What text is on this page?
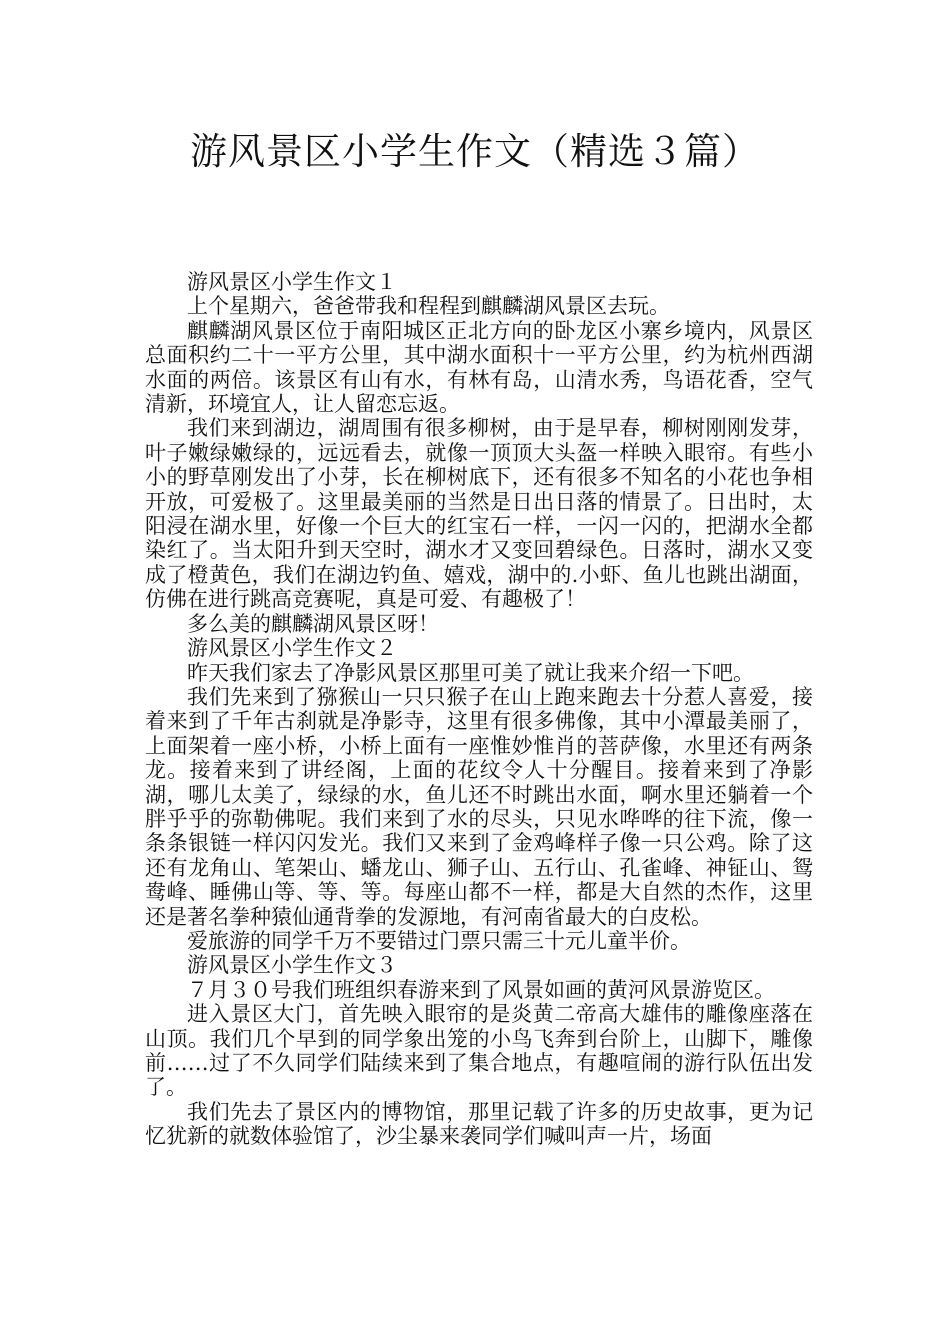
游风景区小学生作文（精选３篇）

游风景区小学生作文１

上个星期六，爸爸带我和程程到麒麟湖风景区去玩。

麒麟湖风景区位于南阳城区正北方向的卧龙区小寨乡境内，风景区总面积约二十一平方公里，其中湖水面积十一平方公里，约为杭州西湖水面的两倍。该景区有山有水，有林有岛，山清水秀，鸟语花香，空气清新，环境宜人，让人留恋忘返。

我们来到湖边，湖周围有很多柳树，由于是早春，柳树刚刚发芽，叶子嫩绿嫩绿的，远远看去，就像一顶顶大头盔一样映入眼帘。有些小小的野草刚发出了小芽，长在柳树底下，还有很多不知名的小花也争相开放，可爱极了。这里最美丽的当然是日出日落的情景了。日出时，太阳浸在湖水里，好像一个巨大的红宝石一样，一闪一闪的，把湖水全都染红了。当太阳升到天空时，湖水才又变回碧绿色。日落时，湖水又变成了橙黄色，我们在湖边钓鱼、嬉戏，湖中的.小虾、鱼儿也跳出湖面，仿佛在进行跳高竞赛呢，真是可爱、有趣极了！

多么美的麒麟湖风景区呀！

游风景区小学生作文２

昨天我们家去了净影风景区那里可美了就让我来介绍一下吧。

我们先来到了猕猴山一只只猴子在山上跑来跑去十分惹人喜爱，接着来到了千年古刹就是净影寺，这里有很多佛像，其中小潭最美丽了，上面架着一座小桥，小桥上面有一座惟妙惟肖的菩萨像，水里还有两条龙。接着来到了讲经阁，上面的花纹令人十分醒目。接着来到了净影湖，哪儿太美了，绿绿的水，鱼儿还不时跳出水面，啊水里还躺着一个胖乎乎的弥勒佛呢。我们来到了水的尽头，只见水哗哗的往下流，像一条条银链一样闪闪发光。我们又来到了金鸡峰样子像一只公鸡。除了这还有龙角山、笔架山、蟠龙山、狮子山、五行山、孔雀峰、神钲山、鸳鸯峰、睡佛山等、等、等。每座山都不一样，都是大自然的杰作，这里还是著名拳种猿仙通背拳的发源地，有河南省最大的白皮松。

爱旅游的同学千万不要错过门票只需三十元儿童半价。

游风景区小学生作文３

７月３０号我们班组织春游来到了风景如画的黄河风景游览区。

进入景区大门，首先映入眼帘的是炎黄二帝高大雄伟的雕像座落在山顶。我们几个早到的同学象出笼的小鸟飞奔到台阶上，山脚下，雕像前……过了不久同学们陆续来到了集合地点，有趣喧闹的游行队伍出发了。

我们先去了景区内的博物馆，那里记载了许多的历史故事，更为记忆犹新的就数体验馆了，沙尘暴来袭同学们喊叫声一片，场面
